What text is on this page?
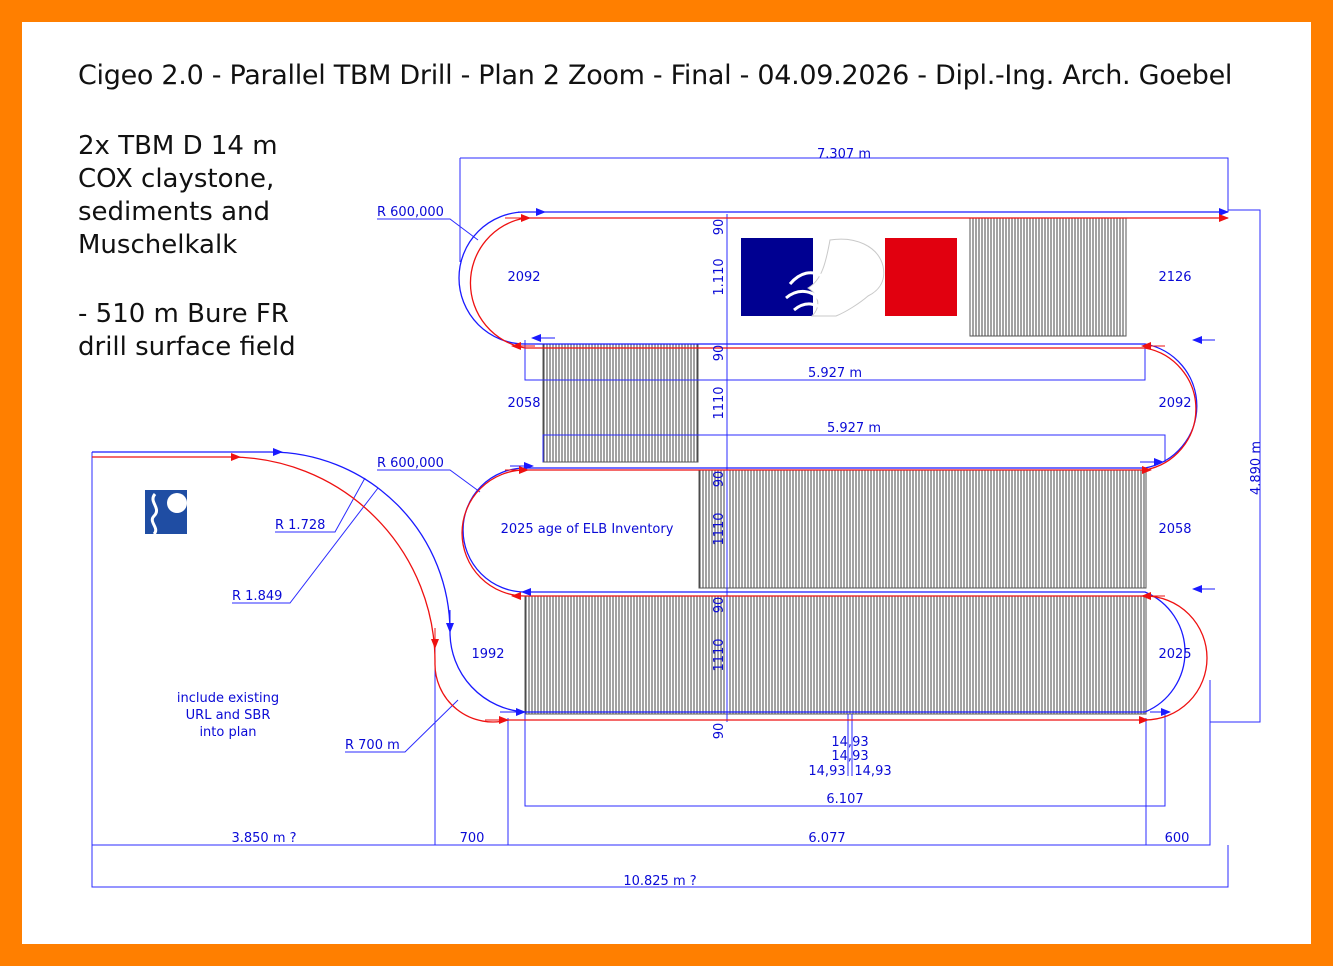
Cigeo 2.0 - Parallel TBM Drill - Plan 2 Zoom - Final - 04.09.2026 - Dipl.-Ing. Arch. Goebel
2x TBM D 14 m
COX claystone,
sediments and
Muschelkalk
- 510 m Bure FR
drill surface field
7.307 m
R 600,000
R 600,000
R 1.728
R 1.849
R 700 m
4.890 m
5.927 m
5.927 m
6.107
3.850 m ?	700	6.077	600
10.825 m ?
2092	2126
2058	2092
2058
1992	2025
2025 age of ELB Inventory
include existing
URL and SBR
into plan
90
1.110
90
1110
90
1110
90
1110
90
14,93
14,93
14,93 14,93
